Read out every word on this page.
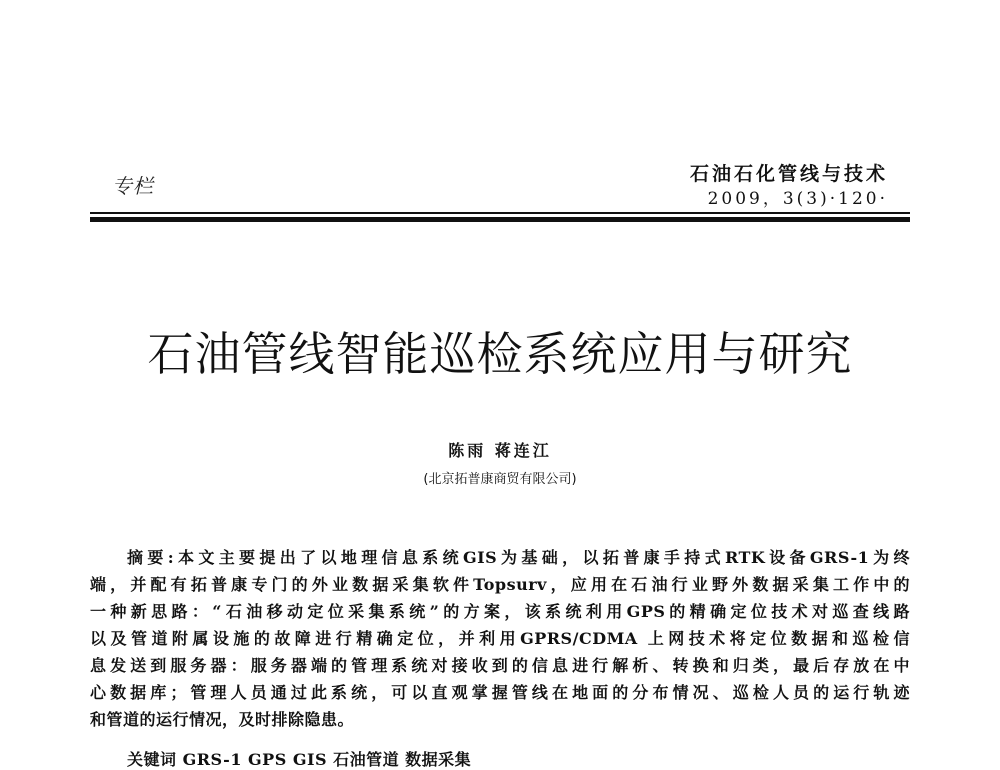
专栏	石油石化管线与技术
2009，3(3)·120·
石油管线智能巡检系统应用与研究
陈雨 蒋连江
(北京拓普康商贸有限公司)
摘要:本文主要提出了以地理信息系统GIS为基础，以拓普康手持式RTK设备GRS-1为终
端，并配有拓普康专门的外业数据采集软件Topsurv，应用在石油行业野外数据采集工作中的
一种新思路：“石油移动定位采集系统”的方案，该系统利用GPS的精确定位技术对巡查线路
以及管道附属设施的故障进行精确定位，并利用GPRS/CDMA 上网技术将定位数据和巡检信
息发送到服务器：服务器端的管理系统对接收到的信息进行解析、转换和归类，最后存放在中
心数据库；管理人员通过此系统，可以直观掌握管线在地面的分布情况、巡检人员的运行轨迹
和管道的运行情况，及时排除隐患。
关键词 GRS-1 GPS GIS 石油管道 数据采集
